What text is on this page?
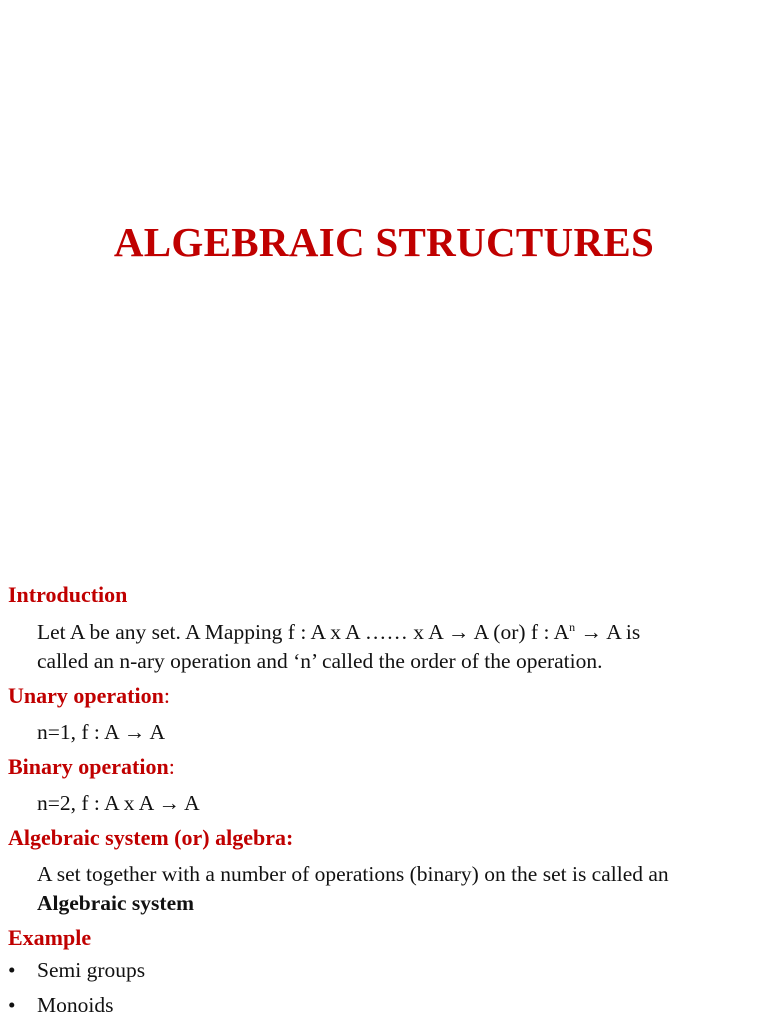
ALGEBRAIC STRUCTURES
Introduction
Let A be any set. A Mapping f : A x A …… x A → A (or) f : $A^n \to A$ is
called an n-ary operation and ‘n’ called the order of the operation.
Unary operation:
n=1, f : A → A
Binary operation:
n=2, f : A x A → A
Algebraic system (or) algebra:
A set together with a number of operations (binary) on the set is called an
Algebraic system
Example
• Semi groups
• Monoids
